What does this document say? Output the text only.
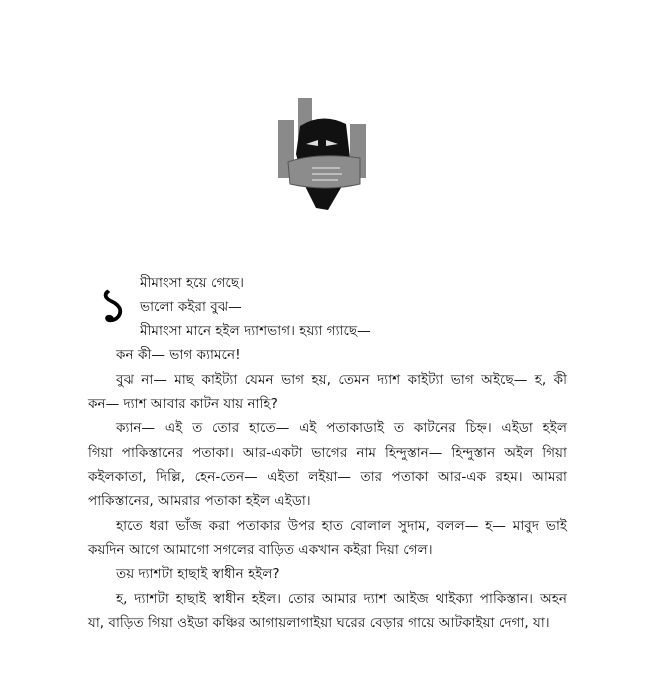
১ মীমাংসা হয়ে গেছে।
ভালো কইরা বুঝ—
মীমাংসা মানে হইল দ্যাশভাগ। হয়্যা গ্যাছে—
কন কী— ভাগ ক্যামনে!
বুঝ না— মাছ কাইট্যা যেমন ভাগ হয়, তেমন দ্যাশ কাইট্যা ভাগ অইছে— হ, কী
কন— দ্যাশ আবার কাটন যায় নাহি?
ক্যান— এই ত তোর হাতে— এই পতাকাডাই ত কাটনের চিহ্ন। এইডা হইল
গিয়া পাকিস্তানের পতাকা। আর-একটা ভাগের নাম হিন্দুস্তান— হিন্দুস্তান অইল গিয়া
কইলকাতা, দিল্লি, হেন-তেন— এইতা লইয়া— তার পতাকা আর-এক রহম। আমরা
পাকিস্তানের, আমরার পতাকা হইল এইডা।
হাতে ধরা ভাঁজ করা পতাকার উপর হাত বোলাল সুদাম, বলল— হ— মাবুদ ভাই
কয়দিন আগে আমাগো সগলের বাড়িত একখান কইরা দিয়া গেল।
তয় দ্যাশটা হাছাই স্বাধীন হইল?
হ, দ্যাশটা হাছাই স্বাধীন হইল। তোর আমার দ্যাশ আইজ থাইক্যা পাকিস্তান। অহন
যা, বাড়িত গিয়া ওইডা কঞ্চির আগায়লাগাইয়া ঘরের বেড়ার গায়ে আটকাইয়া দেগা, যা।
